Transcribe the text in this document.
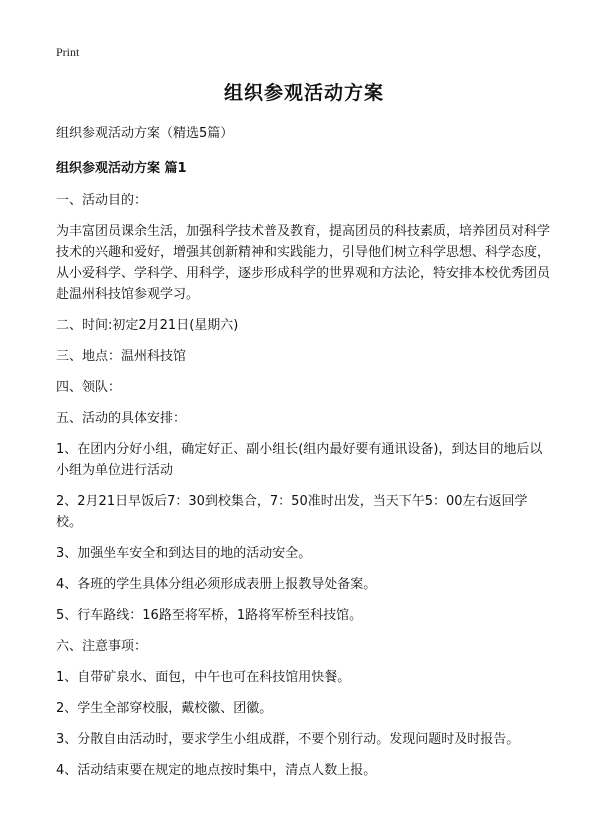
Print
组织参观活动方案
组织参观活动方案（精选5篇）
组织参观活动方案 篇1

一、活动目的：

为丰富团员课余生活，加强科学技术普及教育，提高团员的科技素质，培养团员对科学技术的兴趣和爱好，增强其创新精神和实践能力，引导他们树立科学思想、科学态度，从小爱科学、学科学、用科学，逐步形成科学的世界观和方法论，特安排本校优秀团员赴温州科技馆参观学习。

二、时间:初定2月21日(星期六)

三、地点：温州科技馆

四、领队：

五、活动的具体安排：

1、在团内分好小组，确定好正、副小组长(组内最好要有通讯设备)，到达目的地后以小组为单位进行活动

2、2月21日早饭后7：30到校集合，7：50准时出发，当天下午5：00左右返回学校。

3、加强坐车安全和到达目的地的活动安全。

4、各班的学生具体分组必须形成表册上报教导处备案。

5、行车路线：16路至将军桥，1路将军桥至科技馆。

六、注意事项：

1、自带矿泉水、面包，中午也可在科技馆用快餐。

2、学生全部穿校服，戴校徽、团徽。

3、分散自由活动时，要求学生小组成群，不要个别行动。发现问题时及时报告。

4、活动结束要在规定的地点按时集中，清点人数上报。
